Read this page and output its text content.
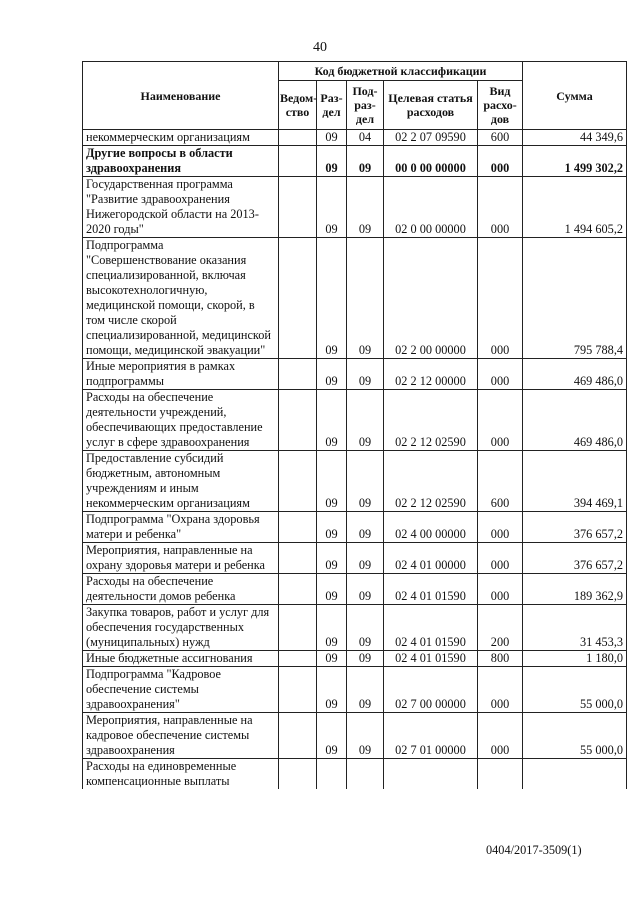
40
Наименование	Код бюджетной классификации					Сумма
	Ведом-ство	Раз-дел	Под-раз-дел	Целевая статья расходов	Вид расхо-дов	
некоммерческим организациям		09	04	02 2 07 09590	600	44 349,6
Другие вопросы в области здравоохранения		09	09	00 0 00 00000	000	1 499 302,2
Государственная программа "Развитие здравоохранения Нижегородской области на 2013-2020 годы"		09	09	02 0 00 00000	000	1 494 605,2
Подпрограмма "Совершенствование оказания специализированной, включая высокотехнологичную, медицинской помощи, скорой, в том числе скорой специализированной, медицинской помощи, медицинской эвакуации"		09	09	02 2 00 00000	000	795 788,4
Иные мероприятия в рамках подпрограммы		09	09	02 2 12 00000	000	469 486,0
Расходы на обеспечение деятельности учреждений, обеспечивающих предоставление услуг в сфере здравоохранения		09	09	02 2 12 02590	000	469 486,0
Предоставление субсидий бюджетным, автономным учреждениям и иным некоммерческим организациям		09	09	02 2 12 02590	600	394 469,1
Подпрограмма "Охрана здоровья матери и ребенка"		09	09	02 4 00 00000	000	376 657,2
Мероприятия, направленные на охрану здоровья матери и ребенка		09	09	02 4 01 00000	000	376 657,2
Расходы на обеспечение деятельности домов ребенка		09	09	02 4 01 01590	000	189 362,9
Закупка товаров, работ и услуг для обеспечения государственных (муниципальных) нужд		09	09	02 4 01 01590	200	31 453,3
Иные бюджетные ассигнования		09	09	02 4 01 01590	800	1 180,0
Подпрограмма "Кадровое обеспечение системы здравоохранения"		09	09	02 7 00 00000	000	55 000,0
Мероприятия, направленные на кадровое обеспечение системы здравоохранения		09	09	02 7 01 00000	000	55 000,0
Расходы на единовременные компенсационные выплаты						
0404/2017-3509(1)
